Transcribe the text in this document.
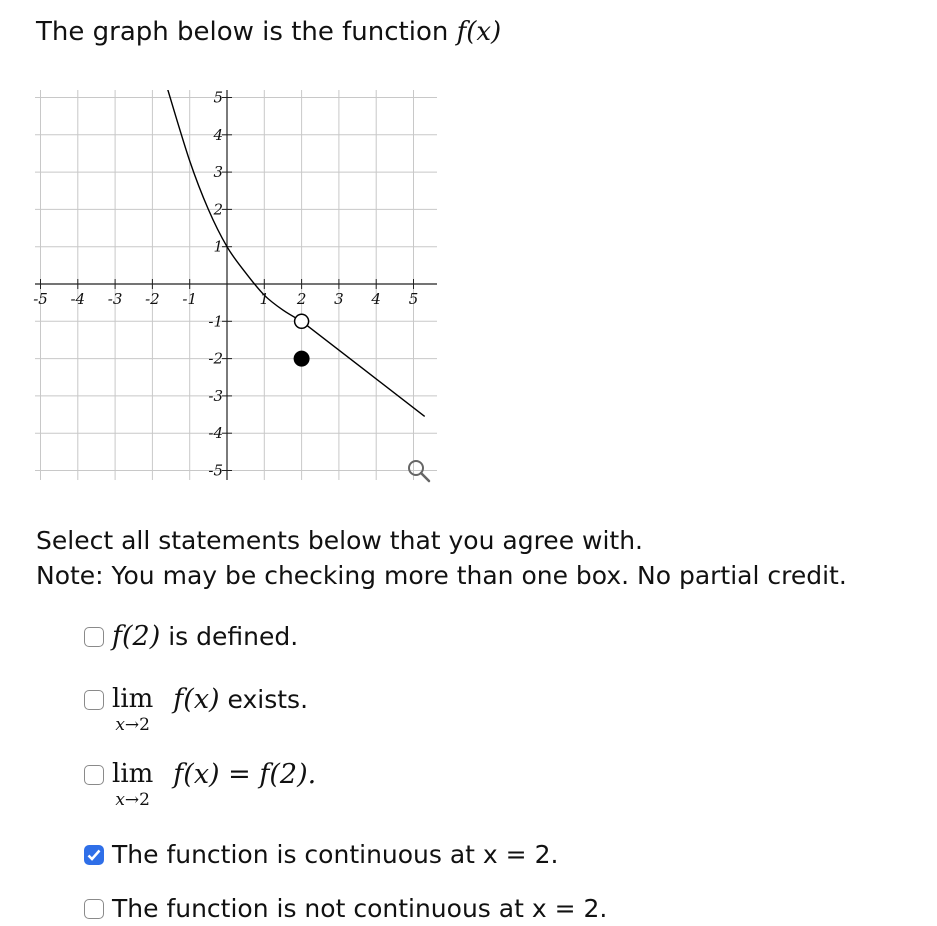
The graph below is the function f(x)
-5 -4 -3 -2 -1	1 2 3 4 5
-5
-4
-3
-2
-1
1
2
3
4
5
Select all statements below that you agree with.
Note: You may be checking more than one box. No partial credit.
f(2) is defined.
lim
x→2
f(x) exists.
lim
x→2
f(x) = f(2).
The function is continuous at x = 2.
The function is not continuous at x = 2.
